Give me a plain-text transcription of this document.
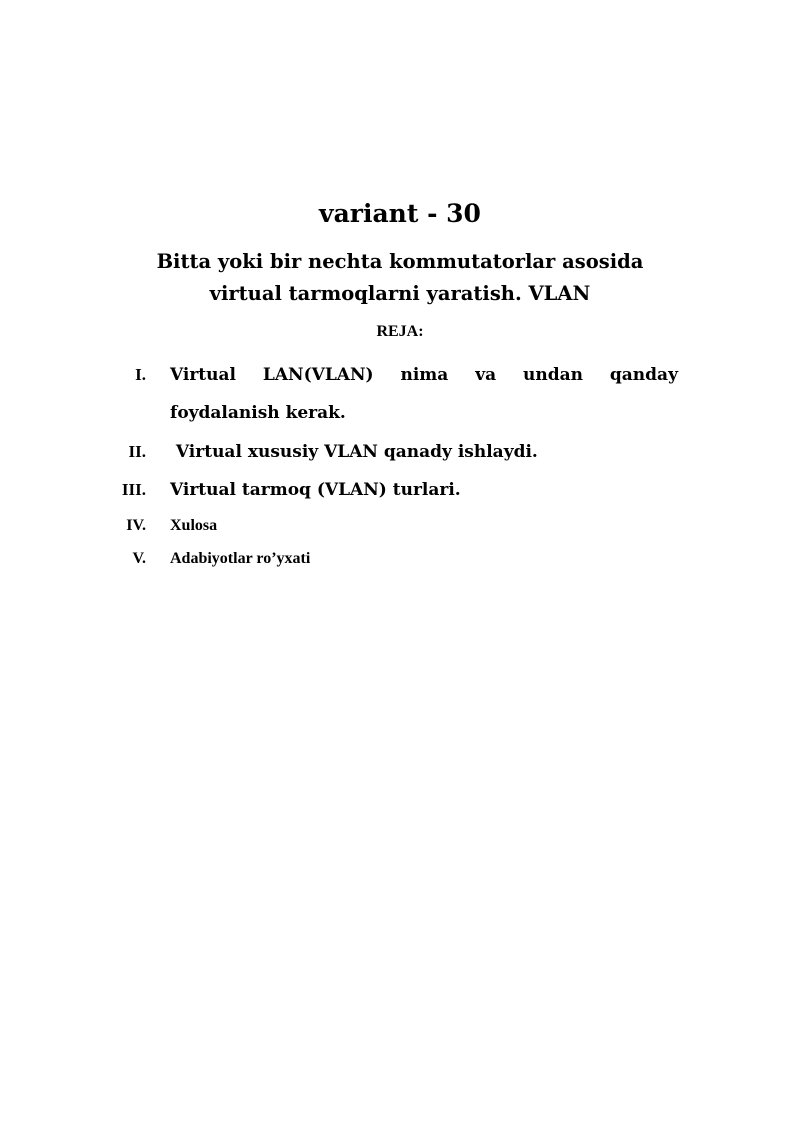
variant - 30
Bitta yoki bir nechta kommutatorlar asosida
virtual tarmoqlarni yaratish. VLAN
REJA:
I. Virtual LAN(VLAN) nima va undan qanday
foydalanish kerak.
II. Virtual xususiy VLAN qanady ishlaydi.
III. Virtual tarmoq (VLAN) turlari.
IV. Xulosa
V. Adabiyotlar ro’yxati
